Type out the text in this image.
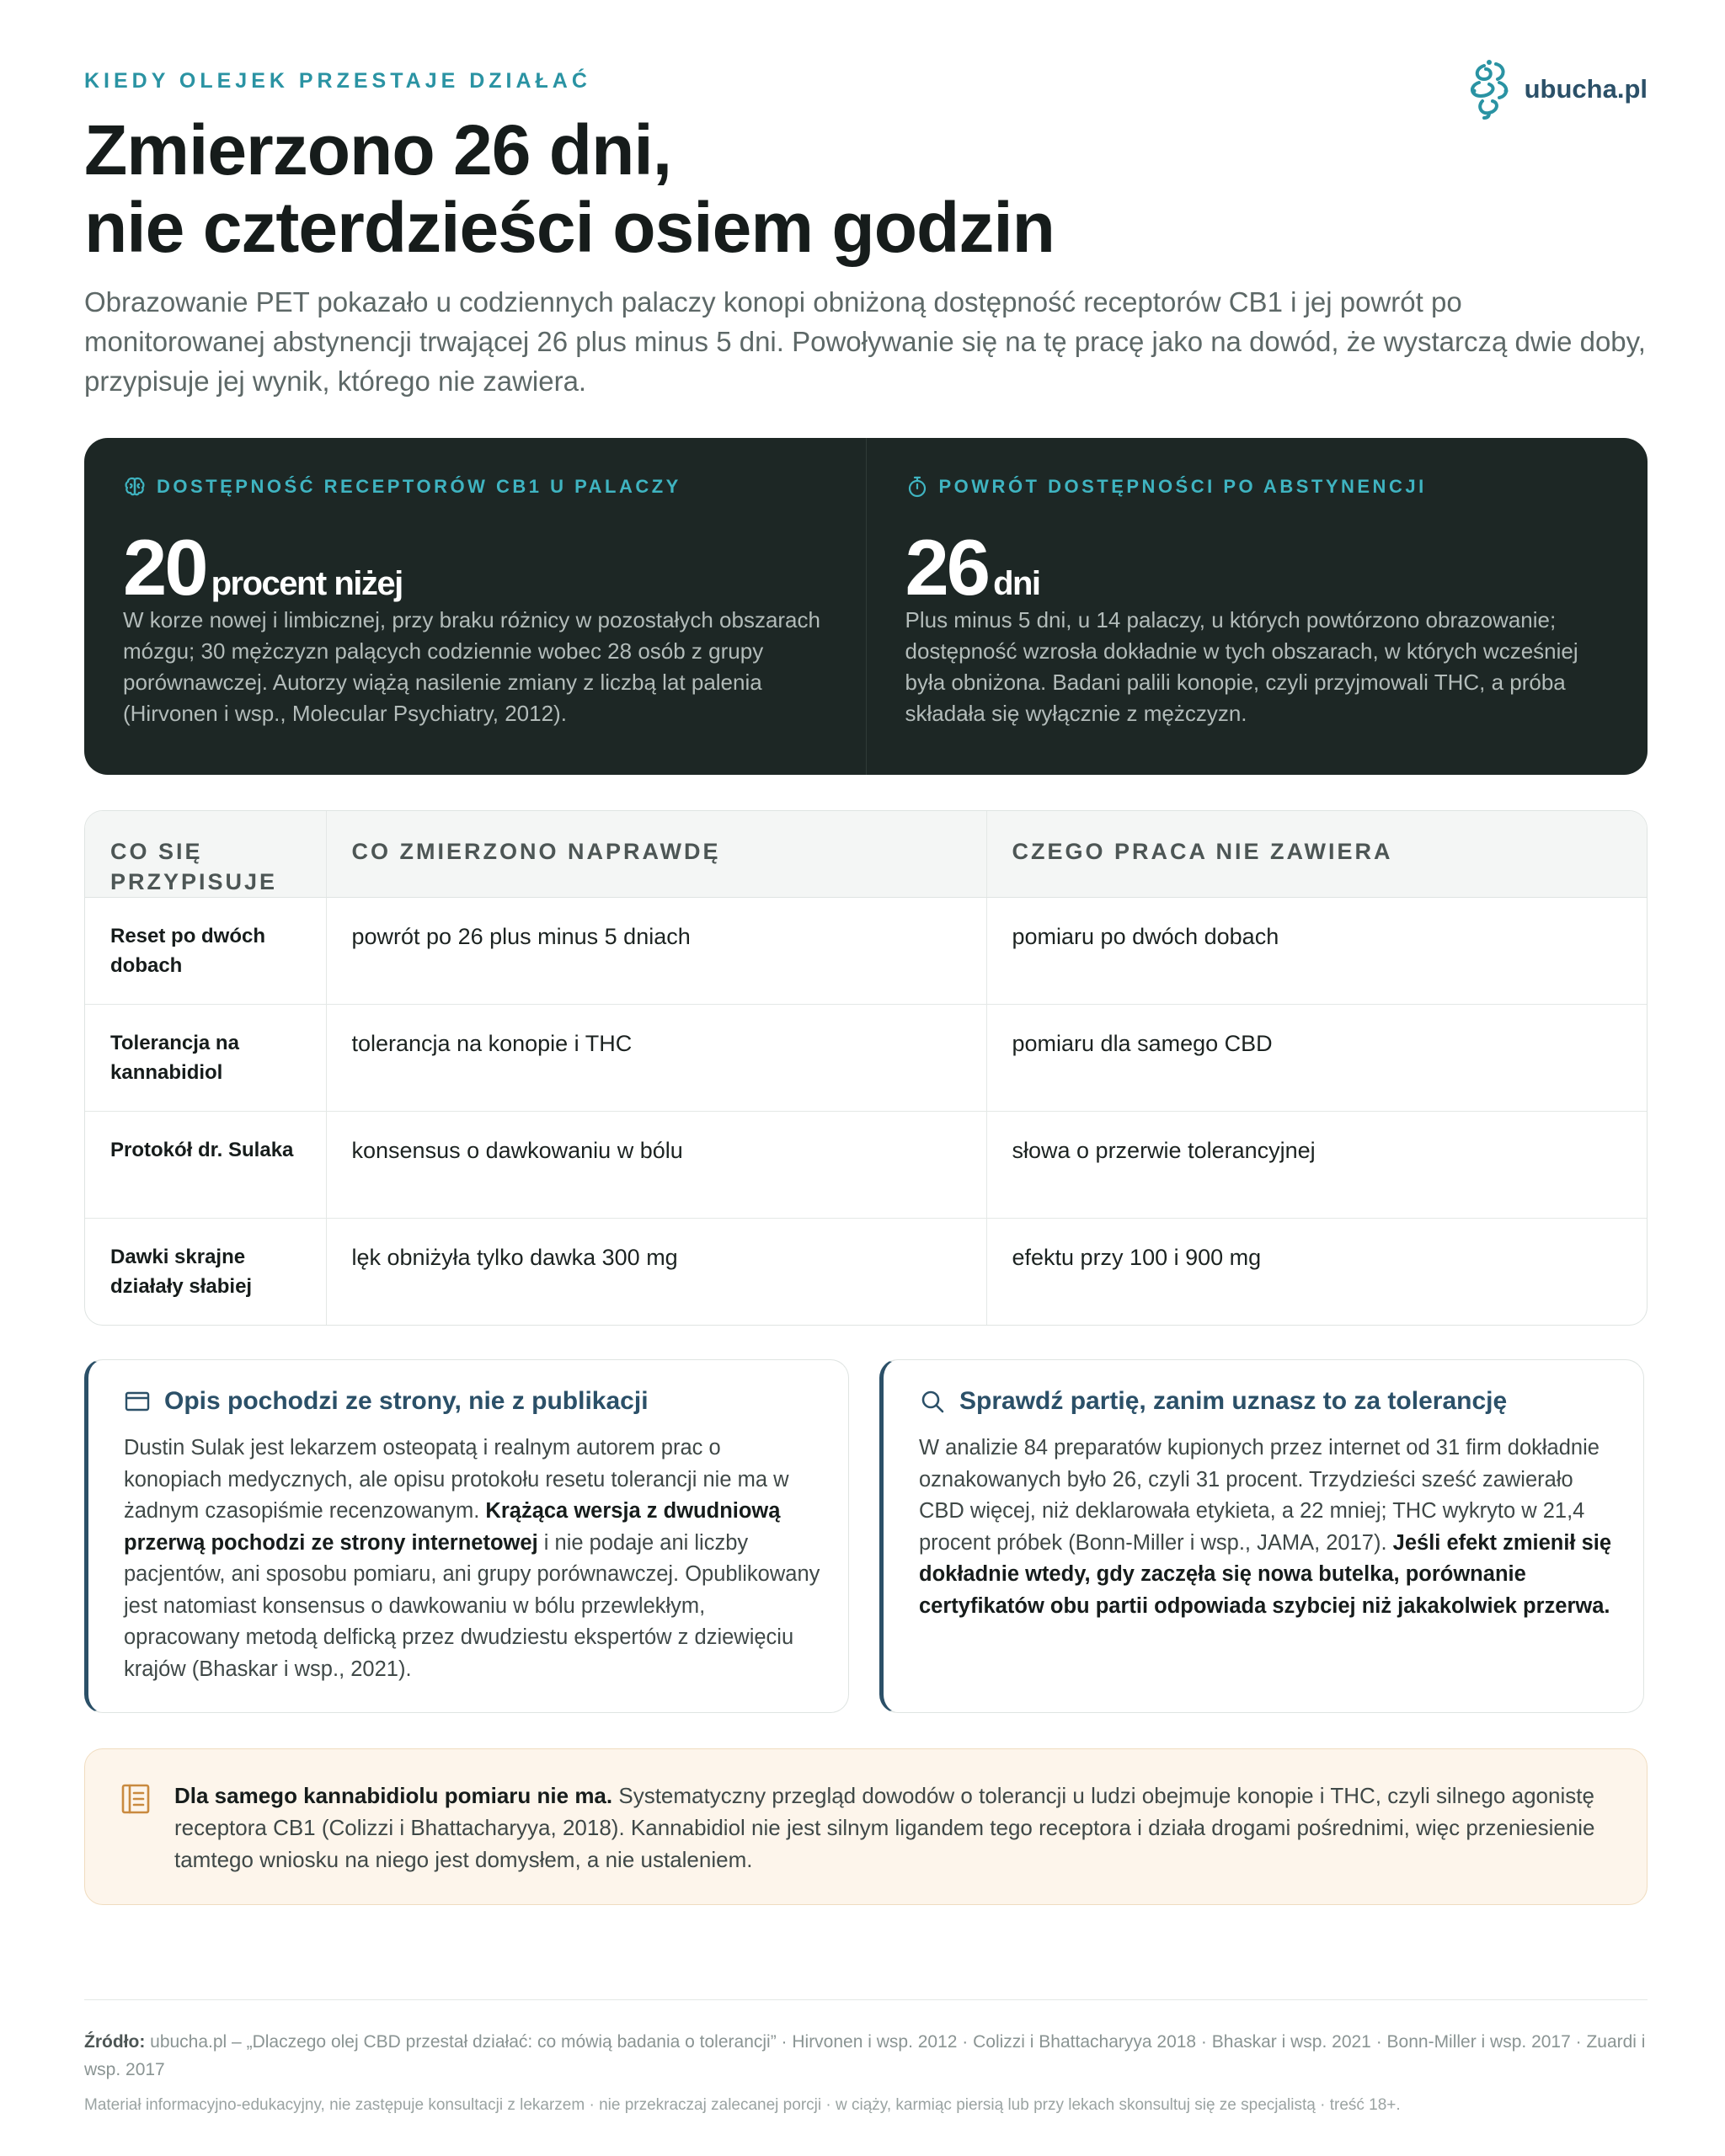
KIEDY OLEJEK PRZESTAJE DZIAŁAĆ	ubucha.pl
Zmierzono 26 dni,
nie czterdzieści osiem godzin

Obrazowanie PET pokazało u codziennych palaczy konopi obniżoną dostępność receptorów CB1 i jej powrót po monitorowanej abstynencji trwającej 26 plus minus 5 dni. Powoływanie się na tę pracę jako na dowód, że wystarczą dwie doby, przypisuje jej wynik, którego nie zawiera.

DOSTĘPNOŚĆ RECEPTORÓW CB1 U PALACZY
20 procent niżej

W korze nowej i limbicznej, przy braku różnicy w pozostałych obszarach mózgu; 30 mężczyzn palących codziennie wobec 28 osób z grupy porównawczej. Autorzy wiążą nasilenie zmiany z liczbą lat palenia (Hirvonen i wsp., Molecular Psychiatry, 2012).

POWRÓT DOSTĘPNOŚCI PO ABSTYNENCJI
26 dni

Plus minus 5 dni, u 14 palaczy, u których powtórzono obrazowanie; dostępność wzrosła dokładnie w tych obszarach, w których wcześniej była obniżona. Badani palili konopie, czyli przyjmowali THC, a próba składała się wyłącznie z mężczyzn.

CO SIĘ PRZYPISUJE	CO ZMIERZONO NAPRAWDĘ	CZEGO PRACA NIE ZAWIERA
Reset po dwóch dobach	powrót po 26 plus minus 5 dniach	pomiaru po dwóch dobach
Tolerancja na kannabidiol	tolerancja na konopie i THC	pomiaru dla samego CBD
Protokół dr. Sulaka	konsensus o dawkowaniu w bólu	słowa o przerwie tolerancyjnej
Dawki skrajne działały słabiej	lęk obniżyła tylko dawka 300 mg	efektu przy 100 i 900 mg
Opis pochodzi ze strony, nie z publikacji

Dustin Sulak jest lekarzem osteopatą i realnym autorem prac o konopiach medycznych, ale opisu protokołu resetu tolerancji nie ma w żadnym czasopiśmie recenzowanym. Krążąca wersja z dwudniową przerwą pochodzi ze strony internetowej i nie podaje ani liczby pacjentów, ani sposobu pomiaru, ani grupy porównawczej. Opublikowany jest natomiast konsensus o dawkowaniu w bólu przewlekłym, opracowany metodą delficką przez dwudziestu ekspertów z dziewięciu krajów (Bhaskar i wsp., 2021).

Sprawdź partię, zanim uznasz to za tolerancję

W analizie 84 preparatów kupionych przez internet od 31 firm dokładnie oznakowanych było 26, czyli 31 procent. Trzydzieści sześć zawierało CBD więcej, niż deklarowała etykieta, a 22 mniej; THC wykryto w 21,4 procent próbek (Bonn-Miller i wsp., JAMA, 2017). Jeśli efekt zmienił się dokładnie wtedy, gdy zaczęła się nowa butelka, porównanie certyfikatów obu partii odpowiada szybciej niż jakakolwiek przerwa.

Dla samego kannabidiolu pomiaru nie ma. Systematyczny przegląd dowodów o tolerancji u ludzi obejmuje konopie i THC, czyli silnego agonistę receptora CB1 (Colizzi i Bhattacharyya, 2018). Kannabidiol nie jest silnym ligandem tego receptora i działa drogami pośrednimi, więc przeniesienie tamtego wniosku na niego jest domysłem, a nie ustaleniem.

Źródło: ubucha.pl – „Dlaczego olej CBD przestał działać: co mówią badania o tolerancji” · Hirvonen i wsp. 2012 · Colizzi i Bhattacharyya 2018 · Bhaskar i wsp. 2021 · Bonn-Miller i wsp. 2017 · Zuardi i wsp. 2017

Materiał informacyjno-edukacyjny, nie zastępuje konsultacji z lekarzem · nie przekraczaj zalecanej porcji · w ciąży, karmiąc piersią lub przy lekach skonsultuj się ze specjalistą · treść 18+.
